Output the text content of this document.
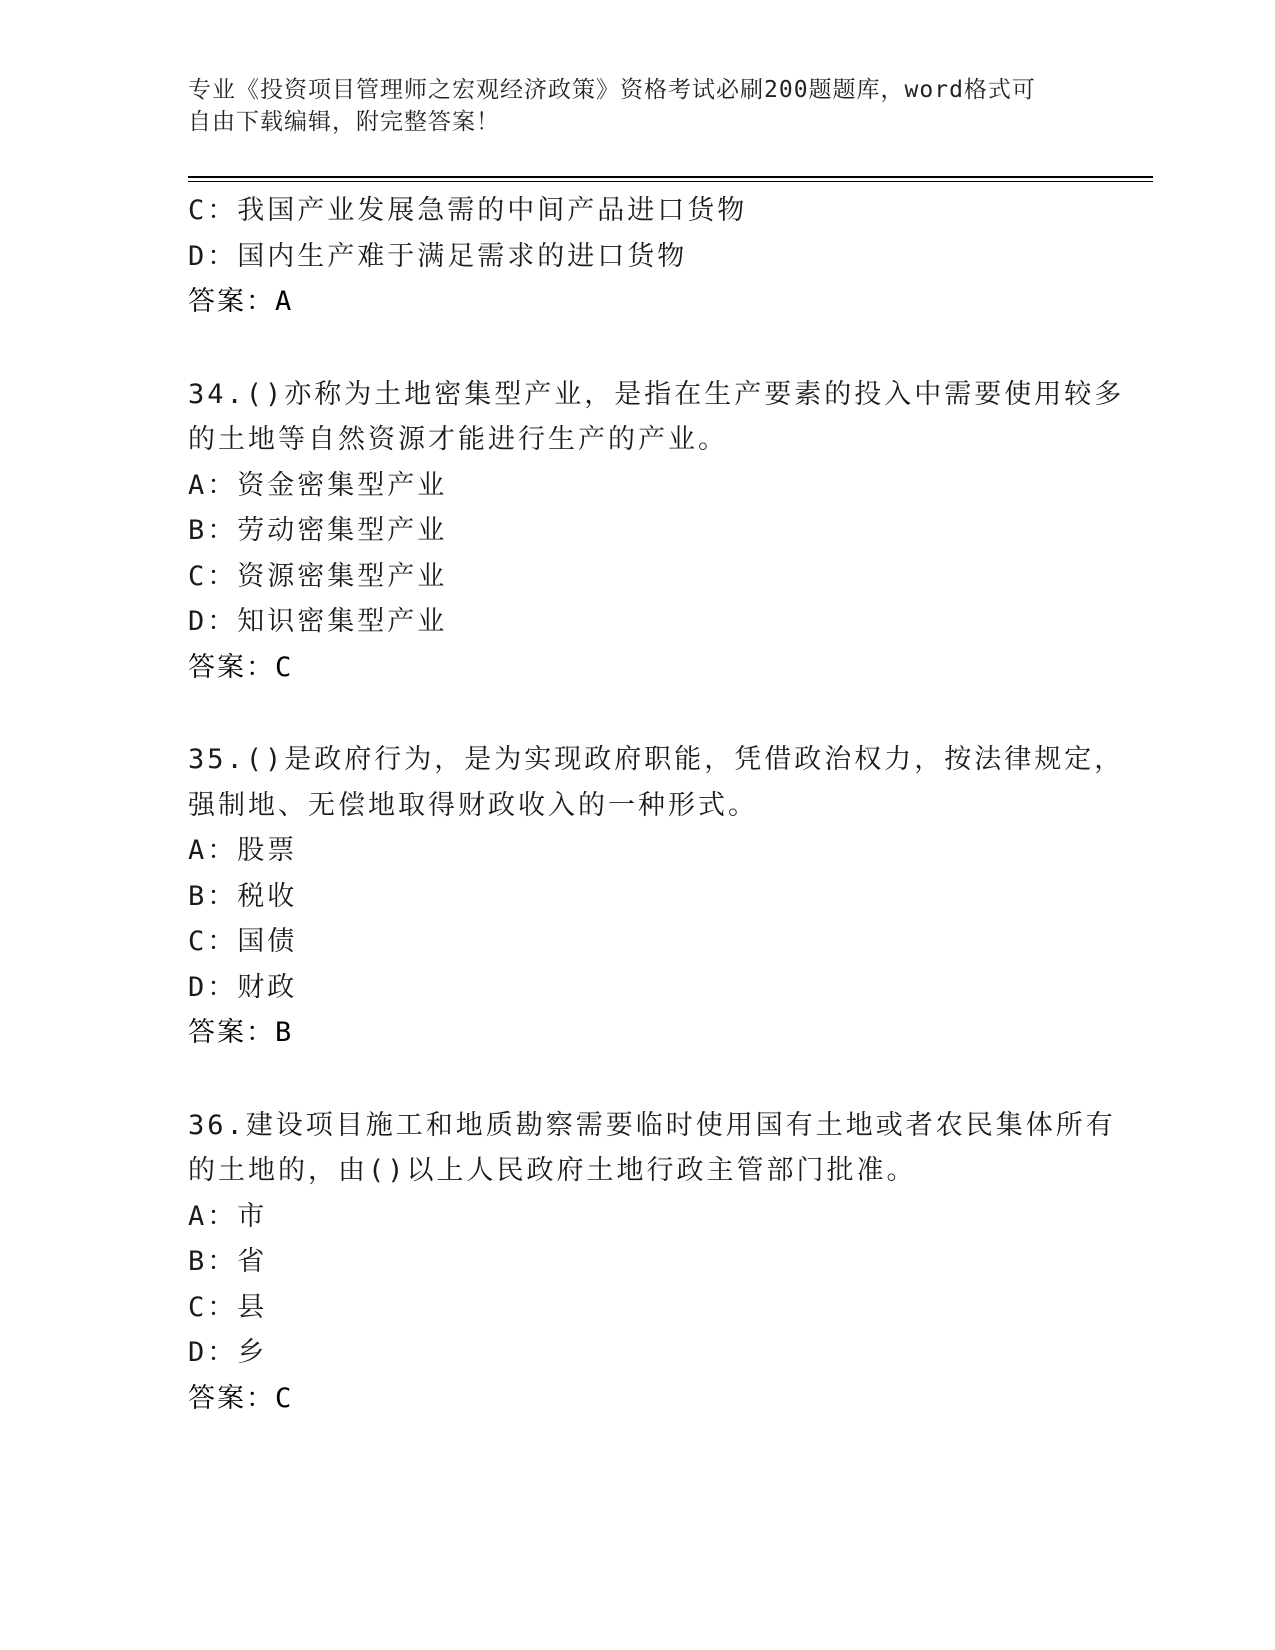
专业《投资项目管理师之宏观经济政策》资格考试必刷200题题库，word格式可
自由下载编辑，附完整答案！
C：我国产业发展急需的中间产品进口货物
D：国内生产难于满足需求的进口货物
答案：A
34.()亦称为土地密集型产业，是指在生产要素的投入中需要使用较多
的土地等自然资源才能进行生产的产业。
A：资金密集型产业
B：劳动密集型产业
C：资源密集型产业
D：知识密集型产业
答案：C
35.()是政府行为，是为实现政府职能，凭借政治权力，按法律规定，
强制地、无偿地取得财政收入的一种形式。
A：股票
B：税收
C：国债
D：财政
答案：B
36.建设项目施工和地质勘察需要临时使用国有土地或者农民集体所有
的土地的，由()以上人民政府土地行政主管部门批准。
A：市
B：省
C：县
D：乡
答案：C
